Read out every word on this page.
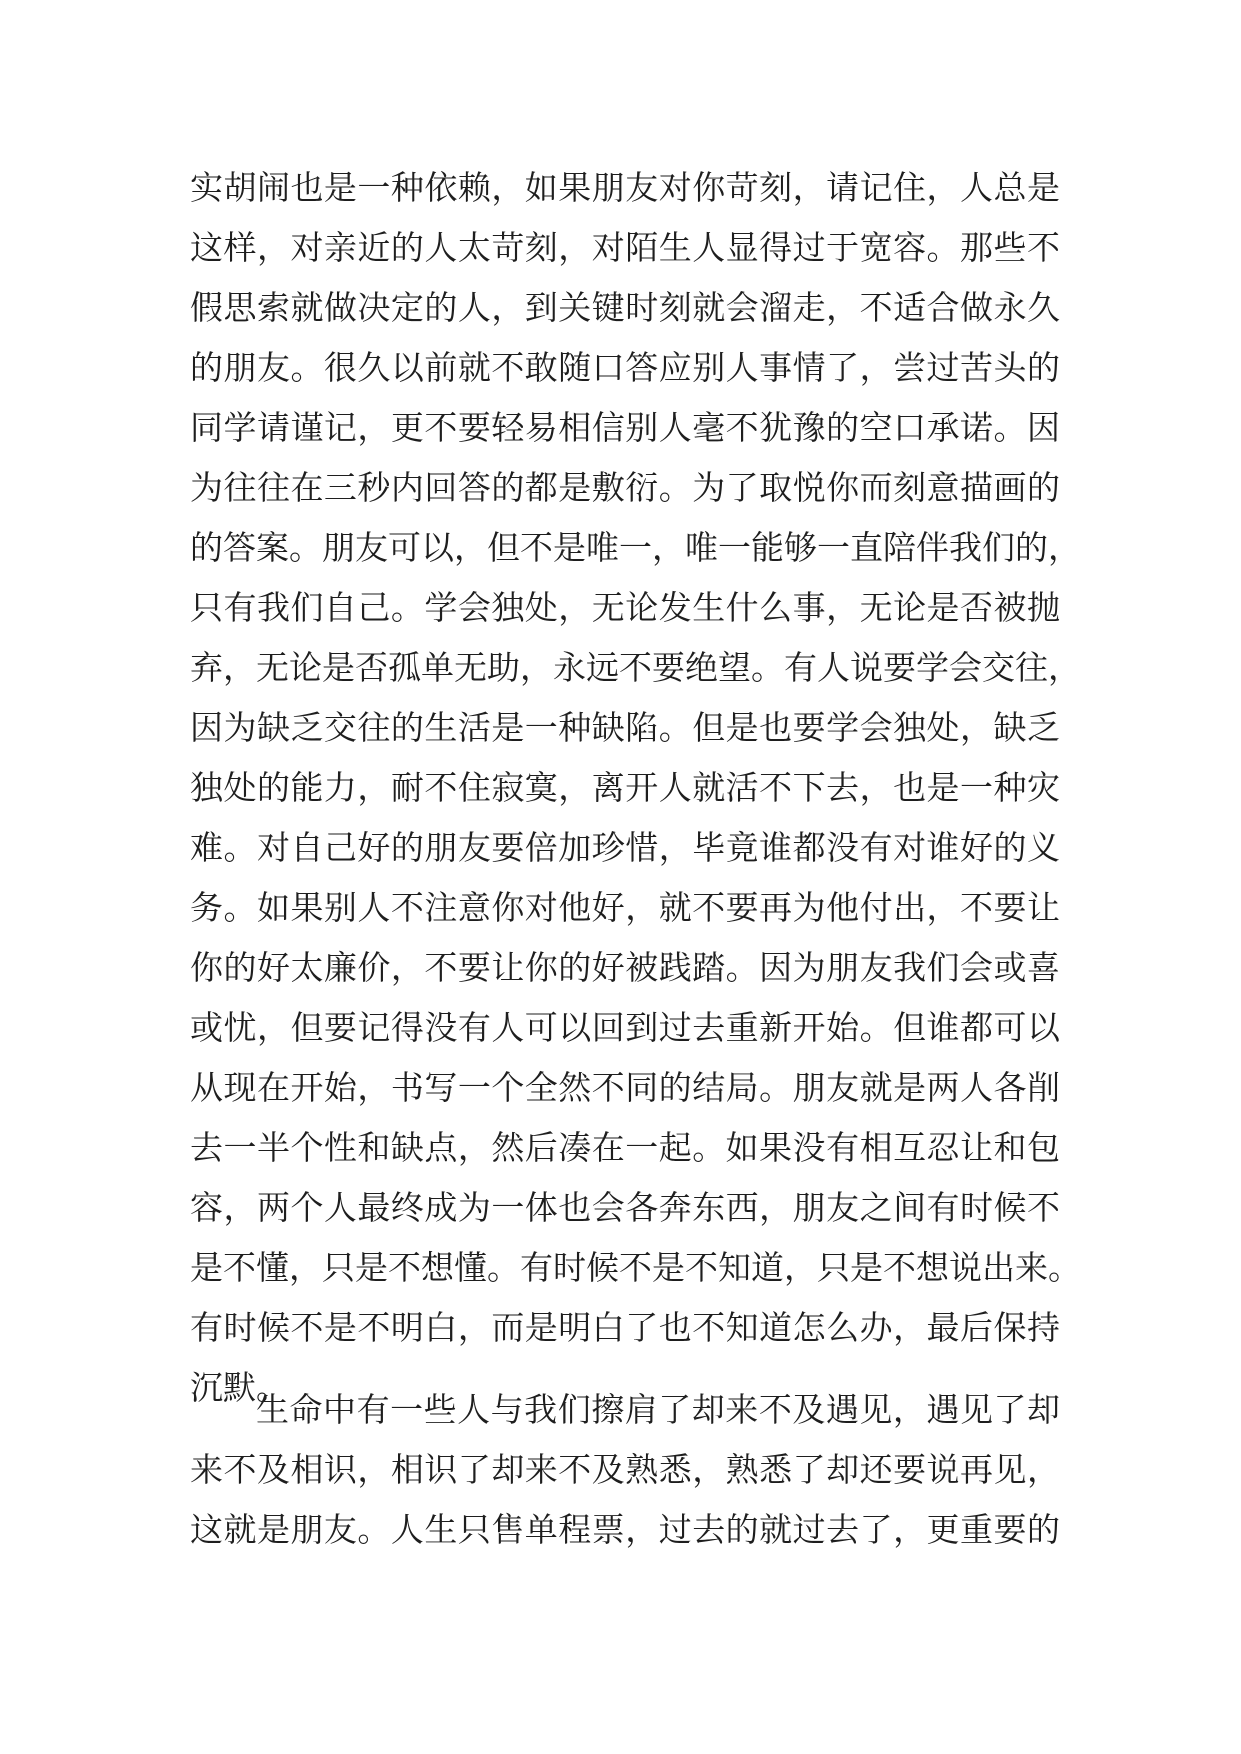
实胡闹也是一种依赖，如果朋友对你苛刻，请记住，人总是
这样，对亲近的人太苛刻，对陌生人显得过于宽容。那些不
假思索就做决定的人，到关键时刻就会溜走，不适合做永久
的朋友。很久以前就不敢随口答应别人事情了，尝过苦头的
同学请谨记，更不要轻易相信别人毫不犹豫的空口承诺。因
为往往在三秒内回答的都是敷衍。为了取悦你而刻意描画的
的答案。朋友可以，但不是唯一，唯一能够一直陪伴我们的，
只有我们自己。学会独处，无论发生什么事，无论是否被抛
弃，无论是否孤单无助，永远不要绝望。有人说要学会交往，
因为缺乏交往的生活是一种缺陷。但是也要学会独处，缺乏
独处的能力，耐不住寂寞，离开人就活不下去，也是一种灾
难。对自己好的朋友要倍加珍惜，毕竟谁都没有对谁好的义
务。如果别人不注意你对他好，就不要再为他付出，不要让
你的好太廉价，不要让你的好被践踏。因为朋友我们会或喜
或忧，但要记得没有人可以回到过去重新开始。但谁都可以
从现在开始，书写一个全然不同的结局。朋友就是两人各削
去一半个性和缺点，然后凑在一起。如果没有相互忍让和包
容，两个人最终成为一体也会各奔东西，朋友之间有时候不
是不懂，只是不想懂。有时候不是不知道，只是不想说出来。
有时候不是不明白，而是明白了也不知道怎么办，最后保持
沉默。
生命中有一些人与我们擦肩了却来不及遇见，遇见了却
来不及相识，相识了却来不及熟悉，熟悉了却还要说再见，
这就是朋友。人生只售单程票，过去的就过去了，更重要的
